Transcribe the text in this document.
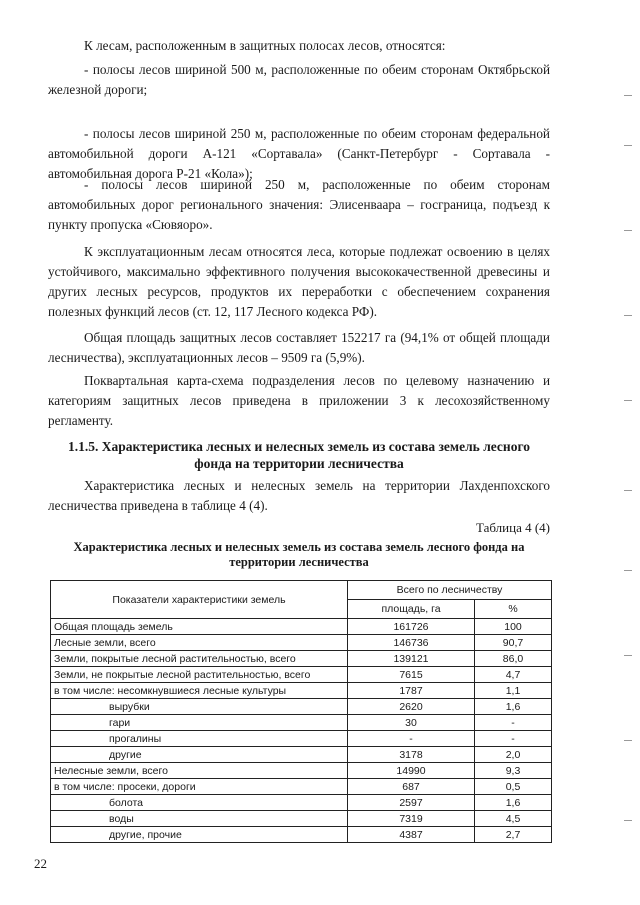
К лесам, расположенным в защитных полосах лесов, относятся:

- полосы лесов шириной 500 м, расположенные по обеим сторонам Октябрьской железной дороги;

- полосы лесов шириной 250 м, расположенные по обеим сторонам федеральной автомобильной дороги А-121 «Сортавала» (Санкт-Петербург - Сортавала - автомобильная дорога Р-21 «Кола»);

- полосы лесов шириной 250 м, расположенные по обеим сторонам автомобильных дорог регионального значения: Элисенваара – госграница, подъезд к пункту пропуска «Сювяоро».

К эксплуатационным лесам относятся леса, которые подлежат освоению в целях устойчивого, максимально эффективного получения высококачественной древесины и других лесных ресурсов, продуктов их переработки с обеспечением сохранения полезных функций лесов (ст. 12, 117 Лесного кодекса РФ).

Общая площадь защитных лесов составляет 152217 га (94,1% от общей площади лесничества), эксплуатационных лесов – 9509 га (5,9%).

Поквартальная карта-схема подразделения лесов по целевому назначению и категориям защитных лесов приведена в приложении 3 к лесохозяйственному регламенту.

1.1.5. Характеристика лесных и нелесных земель из состава земель лесного фонда на территории лесничества

Характеристика лесных и нелесных земель на территории Лахденпохского лесничества приведена в таблице 4 (4).

Таблица 4 (4)
Характеристика лесных и нелесных земель из состава земель лесного фонда на территории лесничества
Показатели характеристики земель	Всего по лесничеству	
	площадь, га	%
Общая площадь земель	161726	100
Лесные земли, всего	146736	90,7
Земли, покрытые лесной растительностью, всего	139121	86,0
Земли, не покрытые лесной растительностью, всего	7615	4,7
в том числе: несомкнувшиеся лесные культуры	1787	1,1
вырубки	2620	1,6
гари	30	-
прогалины	-	-
другие	3178	2,0
Нелесные земли, всего	14990	9,3
в том числе: просеки, дороги	687	0,5
болота	2597	1,6
воды	7319	4,5
другие, прочие	4387	2,7
22
